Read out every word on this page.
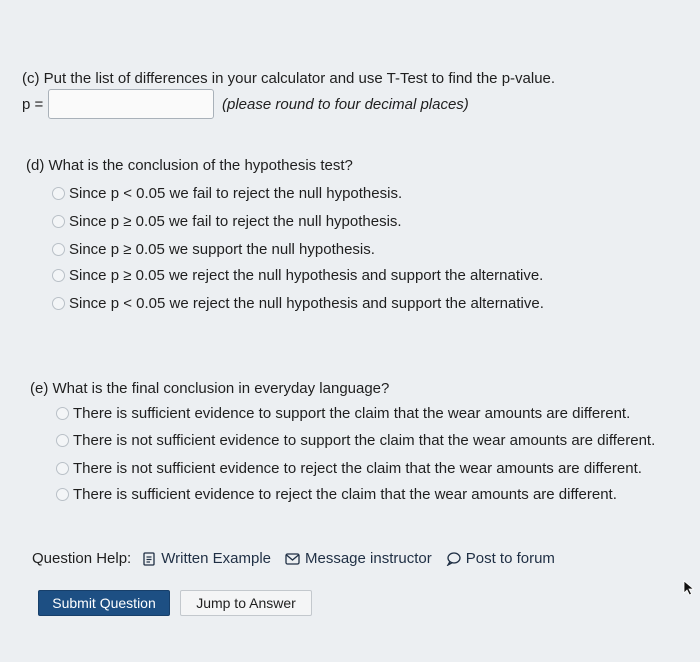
(c) Put the list of differences in your calculator and use T-Test to find the p-value.
p =	(please round to four decimal places)
(d) What is the conclusion of the hypothesis test?
Since p < 0.05 we fail to reject the null hypothesis.
Since p ≥ 0.05 we fail to reject the null hypothesis.
Since p ≥ 0.05 we support the null hypothesis.
Since p ≥ 0.05 we reject the null hypothesis and support the alternative.
Since p < 0.05 we reject the null hypothesis and support the alternative.
(e) What is the final conclusion in everyday language?
There is sufficient evidence to support the claim that the wear amounts are different.
There is not sufficient evidence to support the claim that the wear amounts are different.
There is not sufficient evidence to reject the claim that the wear amounts are different.
There is sufficient evidence to reject the claim that the wear amounts are different.
Question Help: Written Example Message instructor Post to forum
Submit Question	Jump to Answer
